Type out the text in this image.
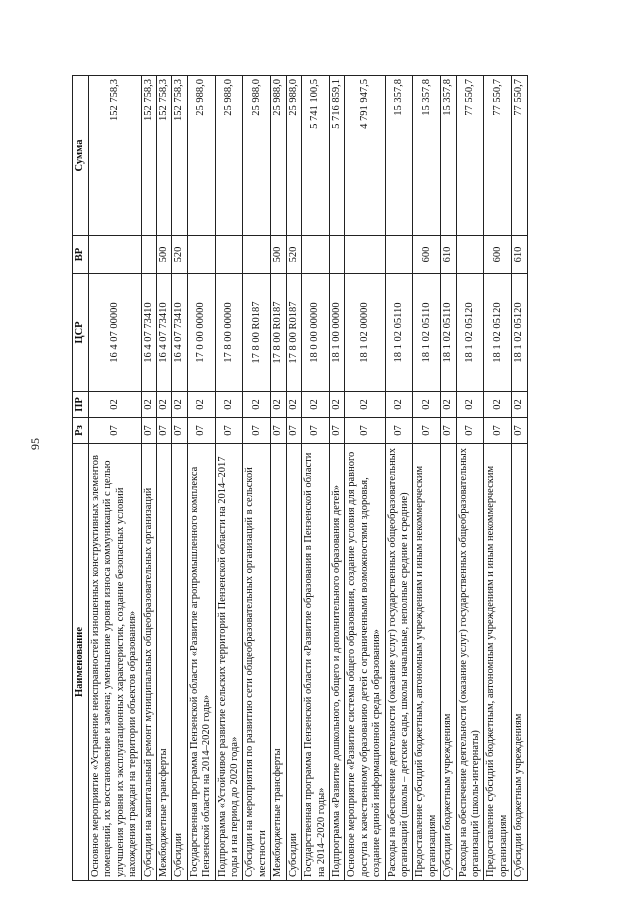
95
Наименование	Рз	ПР	ЦСР	ВР	Сумма
Основное мероприятие «Устранение неисправностей изношенных конструктивных элементов помещений, их восстановление и замена; уменьшение уровня износа коммуникаций с целью улучшения уровня их эксплуатационных характеристик, создание безопасных условий нахождения граждан на территории объектов образования»	07	02	16 4 07 00000		152 758,3
Субсидии на капитальный ремонт муниципальных общеобразовательных организаций	07	02	16 4 07 73410		152 758,3
Межбюджетные трансферты	07	02	16 4 07 73410	500	152 758,3
Субсидии	07	02	16 4 07 73410	520	152 758,3
Государственная программа Пензенской области «Развитие агропромышленного комплекса Пензенской области на 2014–2020 годы»	07	02	17 0 00 00000		25 988,0
Подпрограмма «Устойчивое развитие сельских территорий Пензенской области на 2014–2017 годы и на период до 2020 года»	07	02	17 8 00 00000		25 988,0
Субсидии на мероприятия по развитию сети общеобразовательных организаций в сельской местности	07	02	17 8 00 R0187		25 988,0
Межбюджетные трансферты	07	02	17 8 00 R0187	500	25 988,0
Субсидии	07	02	17 8 00 R0187	520	25 988,0
Государственная программа Пензенской области «Развитие образования в Пензенской области на 2014–2020 годы»	07	02	18 0 00 00000		5 741 100,5
Подпрограмма «Развитие дошкольного, общего и дополнительного образования детей»	07	02	18 1 00 00000		5 716 859,1
Основное мероприятие «Развитие системы общего образования, создание условия для равного доступа к качественному образованию детей с ограниченными возможностями здоровья, создание единой информационной среды образования»	07	02	18 1 02 00000		4 791 947,5
Расходы на обеспечение деятельности (оказание услуг) государственных общеобразовательных организаций (школы – детские сады, школы начальные, неполные средние и средние)	07	02	18 1 02 05110		15 357,8
Предоставление субсидий бюджетным, автономным учреждениям и иным некоммерческим организациям	07	02	18 1 02 05110	600	15 357,8
Субсидии бюджетным учреждениям	07	02	18 1 02 05110	610	15 357,8
Расходы на обеспечение деятельности (оказание услуг) государственных общеобразовательных организаций (школы-интернаты)	07	02	18 1 02 05120		77 550,7
Предоставление субсидий бюджетным, автономным учреждениям и иным некоммерческим организациям	07	02	18 1 02 05120	600	77 550,7
Субсидии бюджетным учреждениям	07	02	18 1 02 05120	610	77 550,7
